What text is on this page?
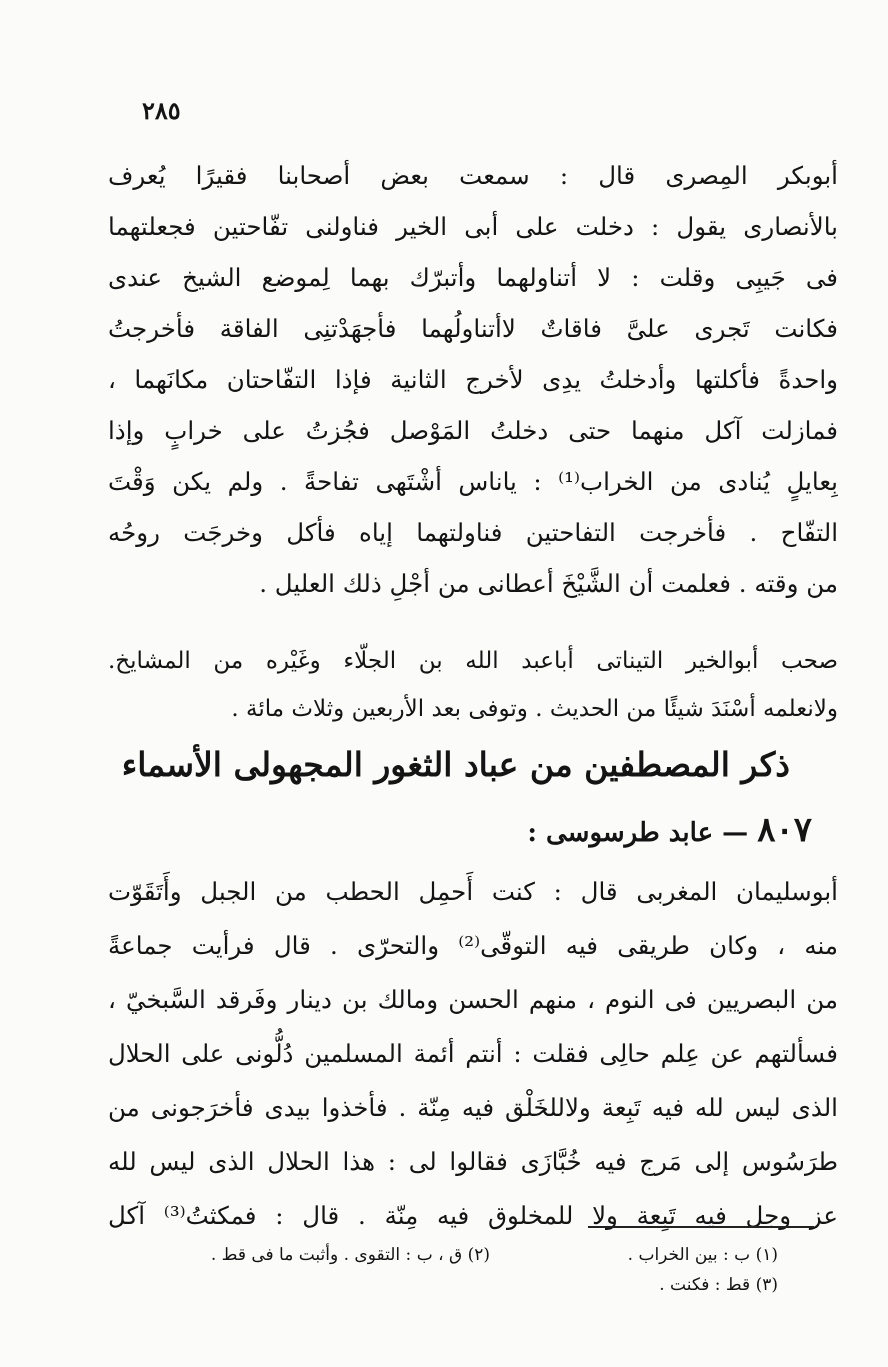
٢٨٥
أبوبكر المِصرى قال : سمعت بعض أصحابنا فقيرًا يُعرف
بالأنصارى يقول : دخلت على أبى الخير فناولنى تفّاحتين فجعلتهما
فى جَيبِى وقلت : لا أتناولهما وأتبرّك بهما لِموضع الشيخ عندى
فكانت تَجرى علىَّ فاقاتٌ لاأتناولُهما فأجهَدْتنِى الفاقة فأخرجتُ
واحدةً فأكلتها وأدخلتُ يدِى لأخرج الثانية فإذا التفّاحتان مكانَهما ،
فمازلت آكل منهما حتى دخلتُ المَوْصل فجُزتُ على خرابٍ وإذا
بِعايلٍ يُنادى من الخراب⁽¹⁾ : ياناس أشْتَهى تفاحةً . ولم يكن وَقْتَ
التفّاح . فأخرجت التفاحتين فناولتهما إياه فأكل وخرجَت روحُه
من وقته . فعلمت أن الشَّيْخَ أعطانى من أجْلِ ذلك العليل .
صحب أبوالخير التيناتى أباعبد الله بن الجلّاء وغَيْره من المشايخ.
ولانعلمه أسْنَدَ شيئًا من الحديث . وتوفى بعد الأربعين وثلاث مائة .
ذكر المصطفين من عباد الثغور المجهولى الأسماء
٨٠٧ — عابد طرسوسى :
أبوسليمان المغربى قال : كنت أَحمِل الحطب من الجبل وأَتَقَوّت
منه ، وكان طريقى فيه التوقّى⁽²⁾ والتحرّى . قال فرأيت جماعةً
من البصريين فى النوم ، منهم الحسن ومالك بن دينار وفَرقد السَّبخيّ ،
فسألتهم عن عِلم حالِى فقلت : أنتم أئمة المسلمين دُلُّونى على الحلال
الذى ليس لله فيه تَبِعة ولاللخَلْق فيه مِنّة . فأخذوا بيدى فأخرَجونى من
طرَسُوس إلى مَرج فيه خُبَّازَى فقالوا لى : هذا الحلال الذى ليس لله
عز وجل فيه تَبِعة ولا للمخلوق فيه مِنّة . قال : فمكثتُ⁽³⁾ آكل
(١) ب : بين الخراب .
(٣) قط : فكنت .
(٢) ق ، ب : التقوى . وأثبت ما فى قط .
